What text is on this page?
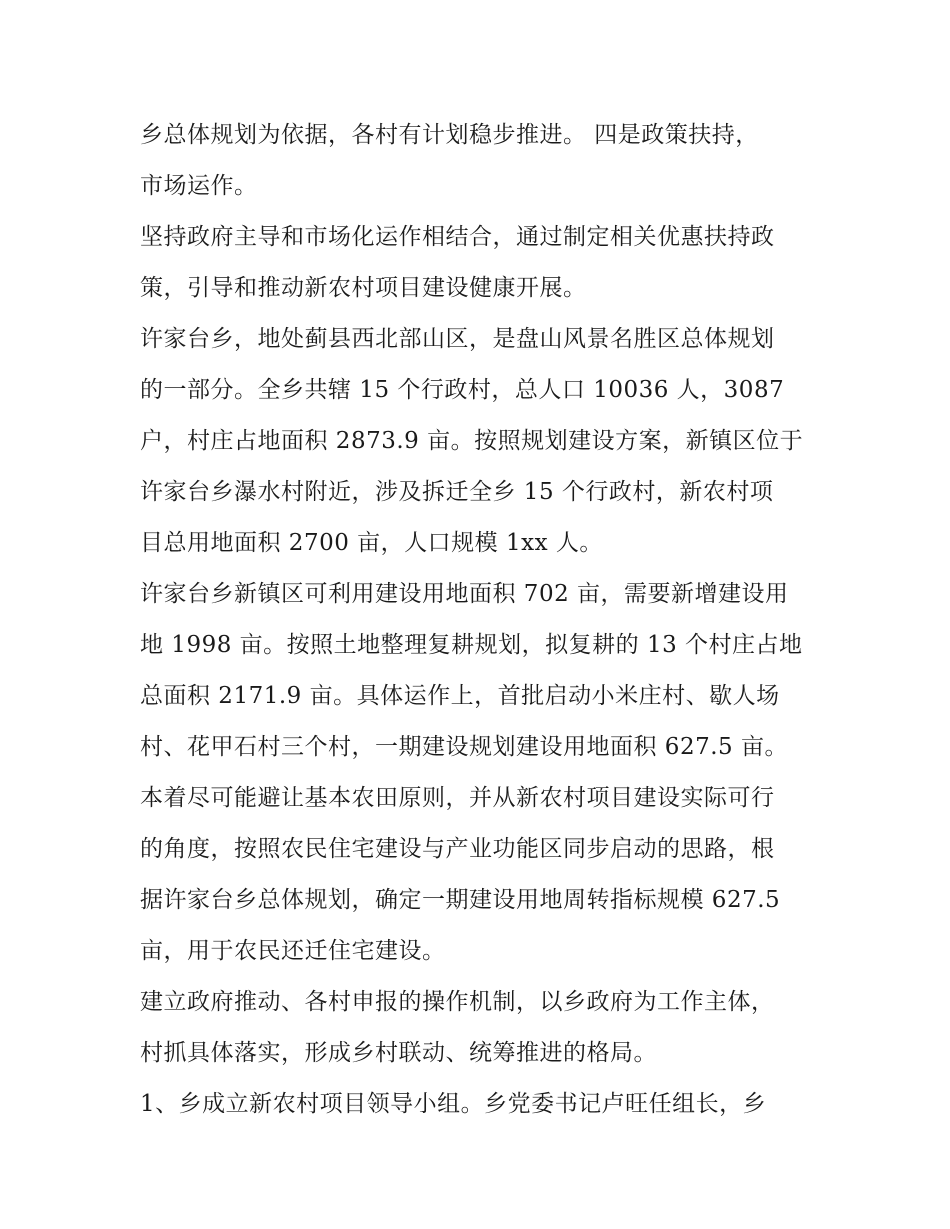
乡总体规划为依据，各村有计划稳步推进。 四是政策扶持，
市场运作。
坚持政府主导和市场化运作相结合，通过制定相关优惠扶持政
策，引导和推动新农村项目建设健康开展。
许家台乡，地处蓟县西北部山区，是盘山风景名胜区总体规划
的一部分。全乡共辖 15 个行政村，总人口 10036 人，3087
户，村庄占地面积 2873.9 亩。按照规划建设方案，新镇区位于
许家台乡瀑水村附近，涉及拆迁全乡 15 个行政村，新农村项
目总用地面积 2700 亩，人口规模 1xx 人。
许家台乡新镇区可利用建设用地面积 702 亩，需要新增建设用
地 1998 亩。按照土地整理复耕规划，拟复耕的 13 个村庄占地
总面积 2171.9 亩。具体运作上，首批启动小米庄村、歇人场
村、花甲石村三个村，一期建设规划建设用地面积 627.5 亩。
本着尽可能避让基本农田原则，并从新农村项目建设实际可行
的角度，按照农民住宅建设与产业功能区同步启动的思路，根
据许家台乡总体规划，确定一期建设用地周转指标规模 627.5
亩，用于农民还迁住宅建设。
建立政府推动、各村申报的操作机制，以乡政府为工作主体，
村抓具体落实，形成乡村联动、统筹推进的格局。
1、乡成立新农村项目领导小组。乡党委书记卢旺任组长，乡
